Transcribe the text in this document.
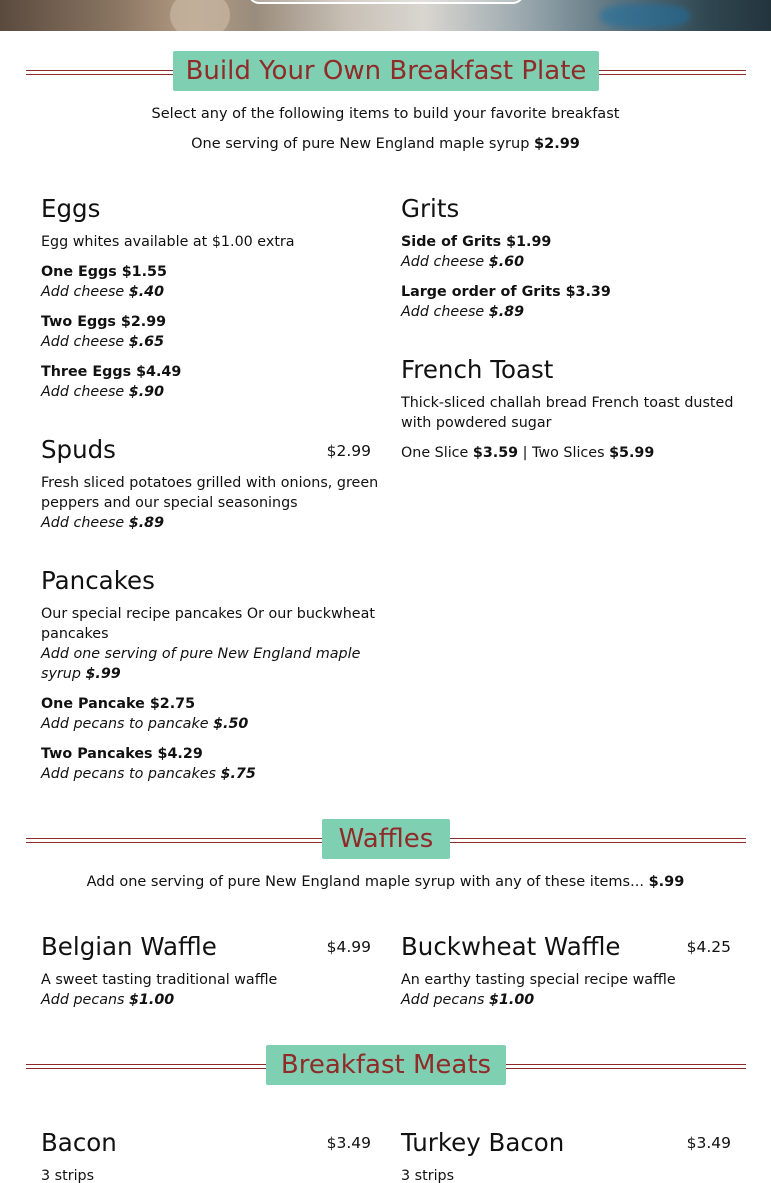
Build Your Own Breakfast Plate
Select any of the following items to build your favorite breakfast
One serving of pure New England maple syrup $2.99
Eggs
Egg whites available at $1.00 extra
One Eggs $1.55
Add cheese $.40
Two Eggs $2.99
Add cheese $.65
Three Eggs $4.49
Add cheese $.90
Grits
Side of Grits $1.99
Add cheese $.60
Large order of Grits $3.39
Add cheese $.89
French Toast
Thick-sliced challah bread French toast dusted
with powdered sugar
One Slice $3.59 | Two Slices $5.99
Spuds	$2.99
Fresh sliced potatoes grilled with onions, green
peppers and our special seasonings
Add cheese $.89
Pancakes
Our special recipe pancakes Or our buckwheat
pancakes
Add one serving of pure New England maple
syrup $.99
One Pancake $2.75
Add pecans to pancake $.50
Two Pancakes $4.29
Add pecans to pancakes $.75
Waffles
Add one serving of pure New England maple syrup with any of these items... $.99
Belgian Waffle	$4.99
A sweet tasting traditional waffle
Add pecans $1.00
Buckwheat Waffle	$4.25
An earthy tasting special recipe waffle
Add pecans $1.00
Breakfast Meats
Bacon	$3.49
3 strips
Turkey Bacon	$3.49
3 strips
